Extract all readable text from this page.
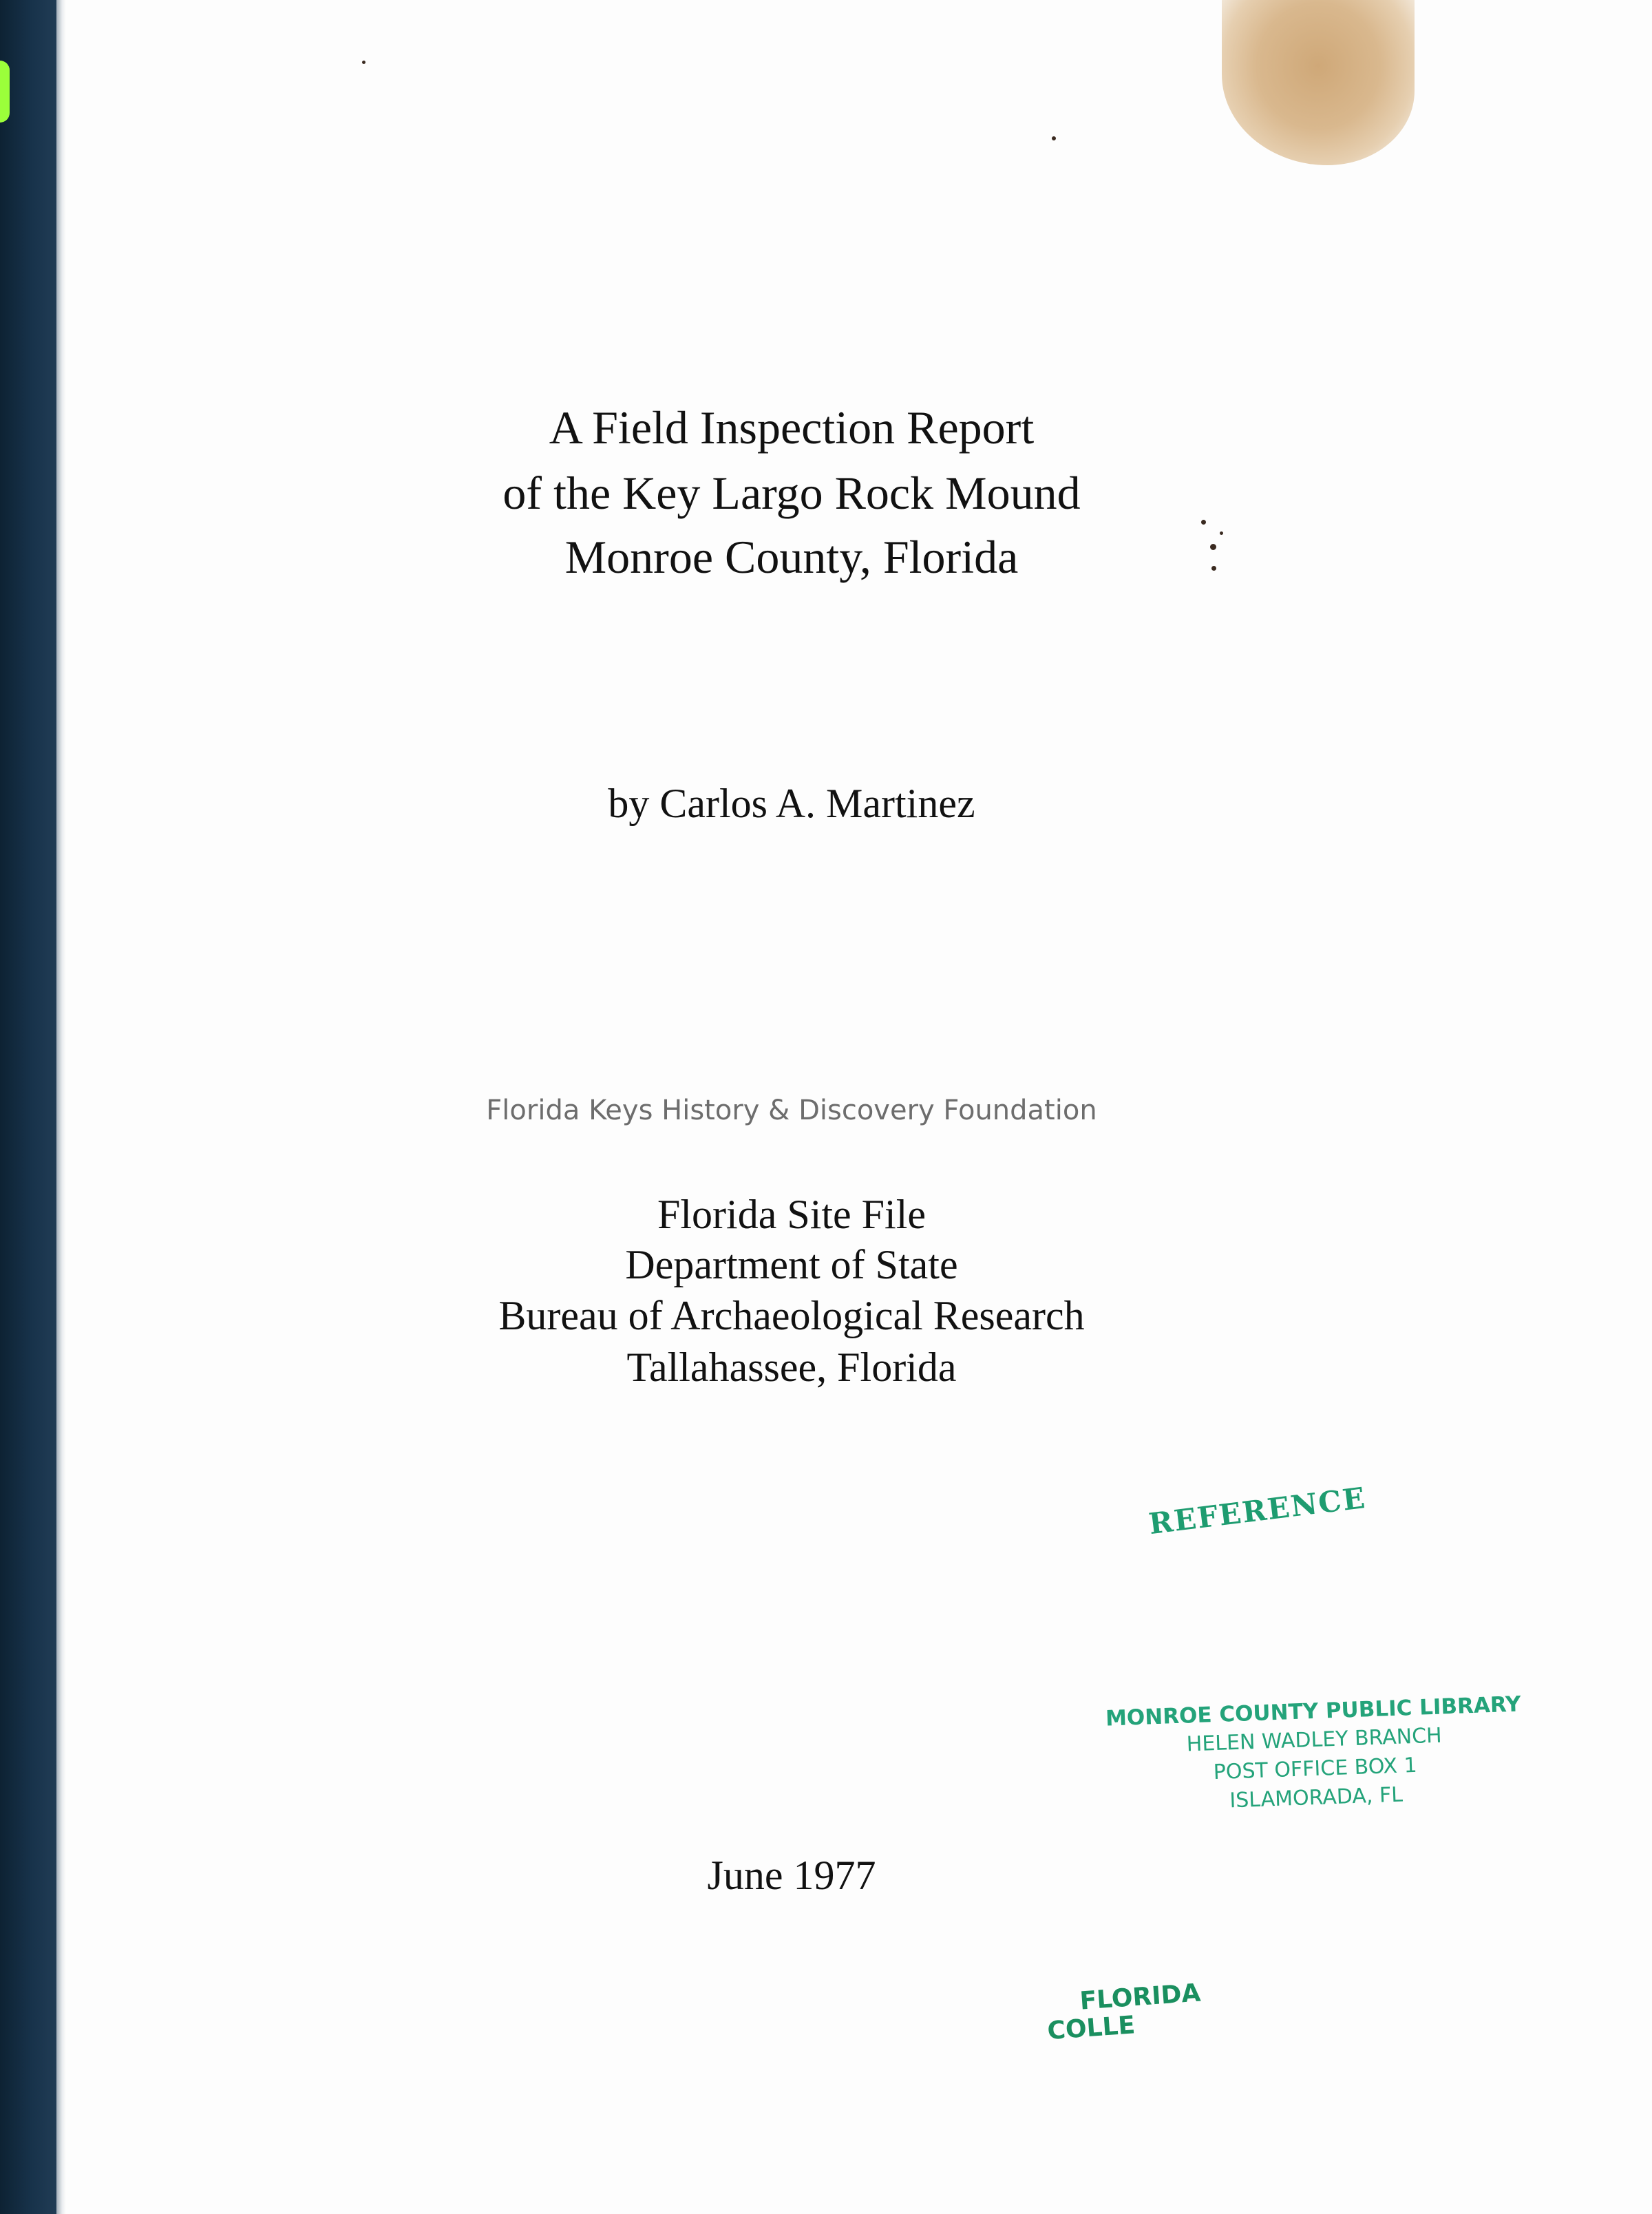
A Field Inspection Report
of the Key Largo Rock Mound
Monroe County, Florida
by Carlos A. Martinez
Florida Keys History & Discovery Foundation
Florida Site File
Department of State
Bureau of Archaeological Research
Tallahassee, Florida
REFERENCE
MONROE COUNTY PUBLIC LIBRARY
HELEN WADLEY BRANCH
POST OFFICE BOX 1
ISLAMORADA, FL
June 1977
FLORIDA
COLLE
